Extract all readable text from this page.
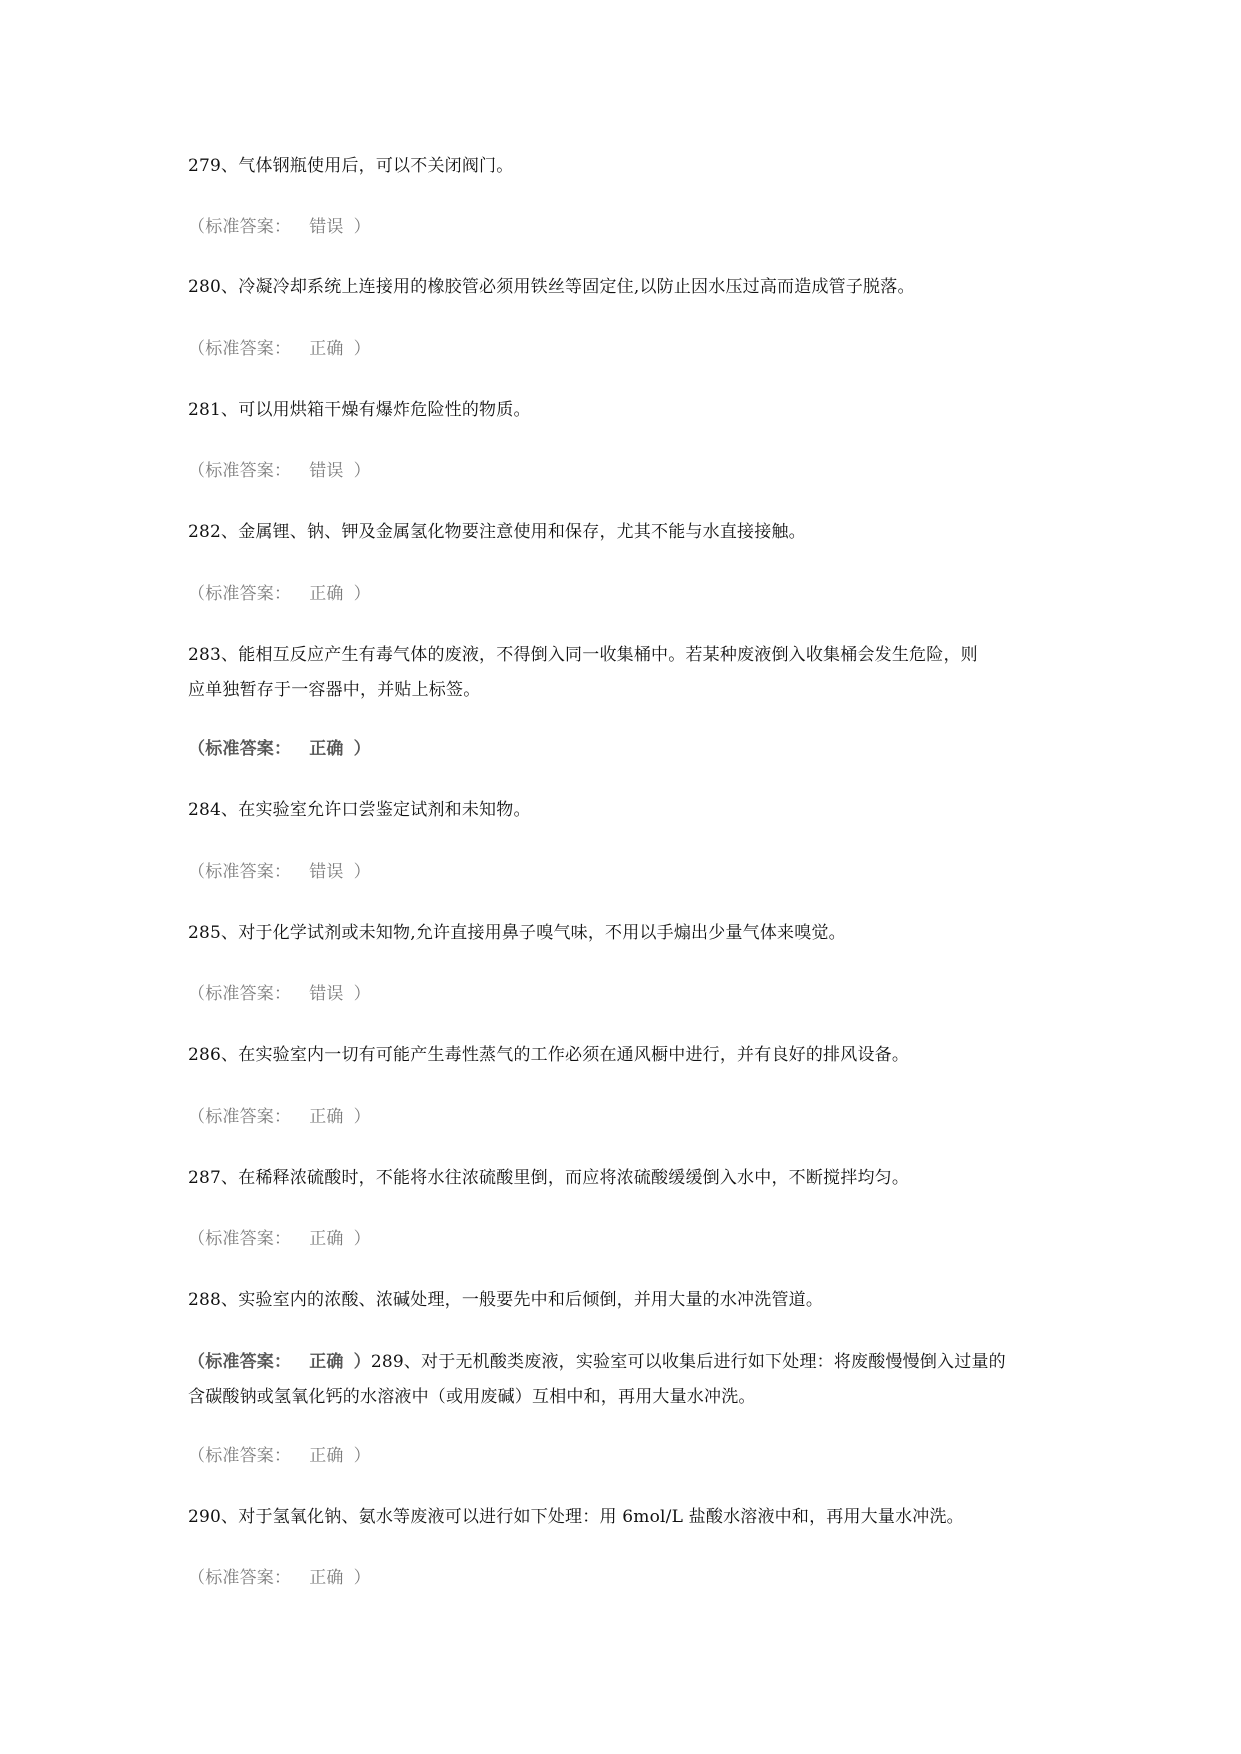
279、气体钢瓶使用后，可以不关闭阀门。
（标准答案： 错误 ）
280、冷凝冷却系统上连接用的橡胶管必须用铁丝等固定住,以防止因水压过高而造成管子脱落。
（标准答案： 正确 ）
281、可以用烘箱干燥有爆炸危险性的物质。
（标准答案： 错误 ）
282、金属锂、钠、钾及金属氢化物要注意使用和保存，尤其不能与水直接接触。
（标准答案： 正确 ）
283、能相互反应产生有毒气体的废液，不得倒入同一收集桶中。若某种废液倒入收集桶会发生危险，则
应单独暂存于一容器中，并贴上标签。
（标准答案： 正确 ）
284、在实验室允许口尝鉴定试剂和未知物。
（标准答案： 错误 ）
285、对于化学试剂或未知物,允许直接用鼻子嗅气味，不用以手煽出少量气体来嗅觉。
（标准答案： 错误 ）
286、在实验室内一切有可能产生毒性蒸气的工作必须在通风橱中进行，并有良好的排风设备。
（标准答案： 正确 ）
287、在稀释浓硫酸时，不能将水往浓硫酸里倒，而应将浓硫酸缓缓倒入水中，不断搅拌均匀。
（标准答案： 正确 ）
288、实验室内的浓酸、浓碱处理，一般要先中和后倾倒，并用大量的水冲洗管道。
（标准答案： 正确 ）289、对于无机酸类废液，实验室可以收集后进行如下处理：将废酸慢慢倒入过量的
含碳酸钠或氢氧化钙的水溶液中（或用废碱）互相中和，再用大量水冲洗。
（标准答案： 正确 ）
290、对于氢氧化钠、氨水等废液可以进行如下处理：用 6mol/L 盐酸水溶液中和，再用大量水冲洗。
（标准答案： 正确 ）
